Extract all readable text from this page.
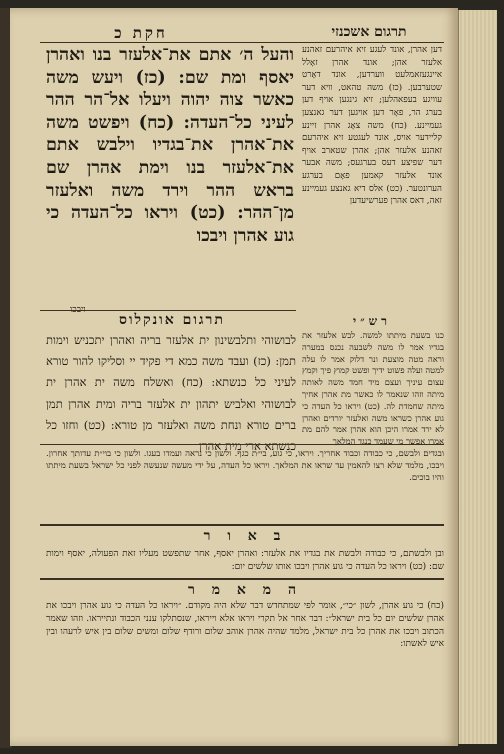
חקת כ	תרגום אשכנזי
והעל ה׳ אתם את־אלעזר בנו ואהרן יאסף ומת שם: (כז) ויעש משה כאשר צוה יהוה ויעלו אל־הר ההר לעיני כל־העדה: (כח) ויפשט משה את־אהרן את־בגדיו וילבש אתם את־אלעזר בנו וימת אהרן שם בראש ההר וירד משה ואלעזר מן־ההר: (כט) ויראו כל־העדה כי גוע אהרן ויבכו
דען אהרן, אונד לעגע זיא איהרעם זאהנע אלעזר אהן; אונד אהרן זאָלל איינגעזאמלעט ווערדען, אונד דאָרט שטערבען. (כז) משה טהאט, וויא דער עוויגע בעפאהלען; זיא גינגען אויף דען בערג הר, פאָר דען אויגען דער גאנצען געמיינע. (כח) משה צאָג אהרן זיינע קליידער אויס, אונד לעגטע זיא איהרעם זאהנע אלעזר אהן; אהרן שטארב אויף דער שפיצע דעס בערגעס; משה אבער אונד אלעזר קאמען פאָם בערגע הערונטער. (כט) אלס דיא גאנצע געמיינע זאה, דאס אהרן פערשיעדען
תרגום אונקלוס
לבושוהי ותלבשינון ית אלעזר בריה ואהרן יתכניש וימות תמן: (כז) ועבד משה כמא די פקיד יי וסליקו להור טורא לעיני כל כנשתא: (כח) ואשלח משה ית אהרן ית לבושוהי ואלביש יתהון ית אלעזר בריה ומית אהרן תמן ברים טורא ונחת משה ואלעזר מן טורא: (כט) וחזו כל כנשתא ארי מית אהרן
רש״י
כנו בשעת מיתתו למשה. לבש אלעזר את בגדיו אמר לו משה לשבעה נכנס במערה וראה מטה מוצעת ונר דלוק אמר לו עלה למטה ועלה פשוט ידיך ופשט קמוץ פיך וקמץ עצום עיניך ועצם מיד חמד משה לאותה מיתה וזהו שנאמר לו כאשר מת אהרן אחיך מיתה שחמדת לה. (כט) ויראו כל העדה כי גוע אהרן כשראו משה ואלעזר יורדים ואהרן לא ירד אמרו היכן הוא אהרן אמר להם מת אמרו אפשר מי שעמד כנגד המלאך
ובגדים ולבשם, כי כבודה וכבוד אחריך. ויראו, כי גוע, בי״ת כגף. ולשון כי נראה ועמדו בעגו. ולשון כי בוי״ת עדותך אחרון. ויבכו, מלמד שלא רצו להאמין עד שראו את המלאך. ויראו כל העדה, על ידי מעשה שנעשה לפני כל ישראל בשעת מיתתו והיו בוכים.
ב א ו ר
ובן ולבשתם, כי כבודה ולבשת את בגדיו את אלעזר: ואהרן יאסף, אחר שתפשט מעליו זאת הפעולה, יאסף וימות שם: (כט) ויראו כל העדה כי גוע אהרן ויבכו אותו שלשים יום:
ה מ א מ ר
(כח) כי גוע אהרן, לשון ״כי״, אומר לפי שמתחדש דבר שלא היה מקודם. ״ויראו כל העדה כי גוע אהרן ויבכו את אהרן שלשים יום כל בית ישראל״: דבר אחר אל תקרי ויראו אלא וייראו, שנסתלקו ענני הכבוד ונתייראו. וזהו שאמר הכתוב ויבכו את אהרן כל בית ישראל, מלמד שהיה אהרן אוהב שלום ורודף שלום ומשים שלום בין איש לרעהו ובין איש לאשתו:
ויבכו
